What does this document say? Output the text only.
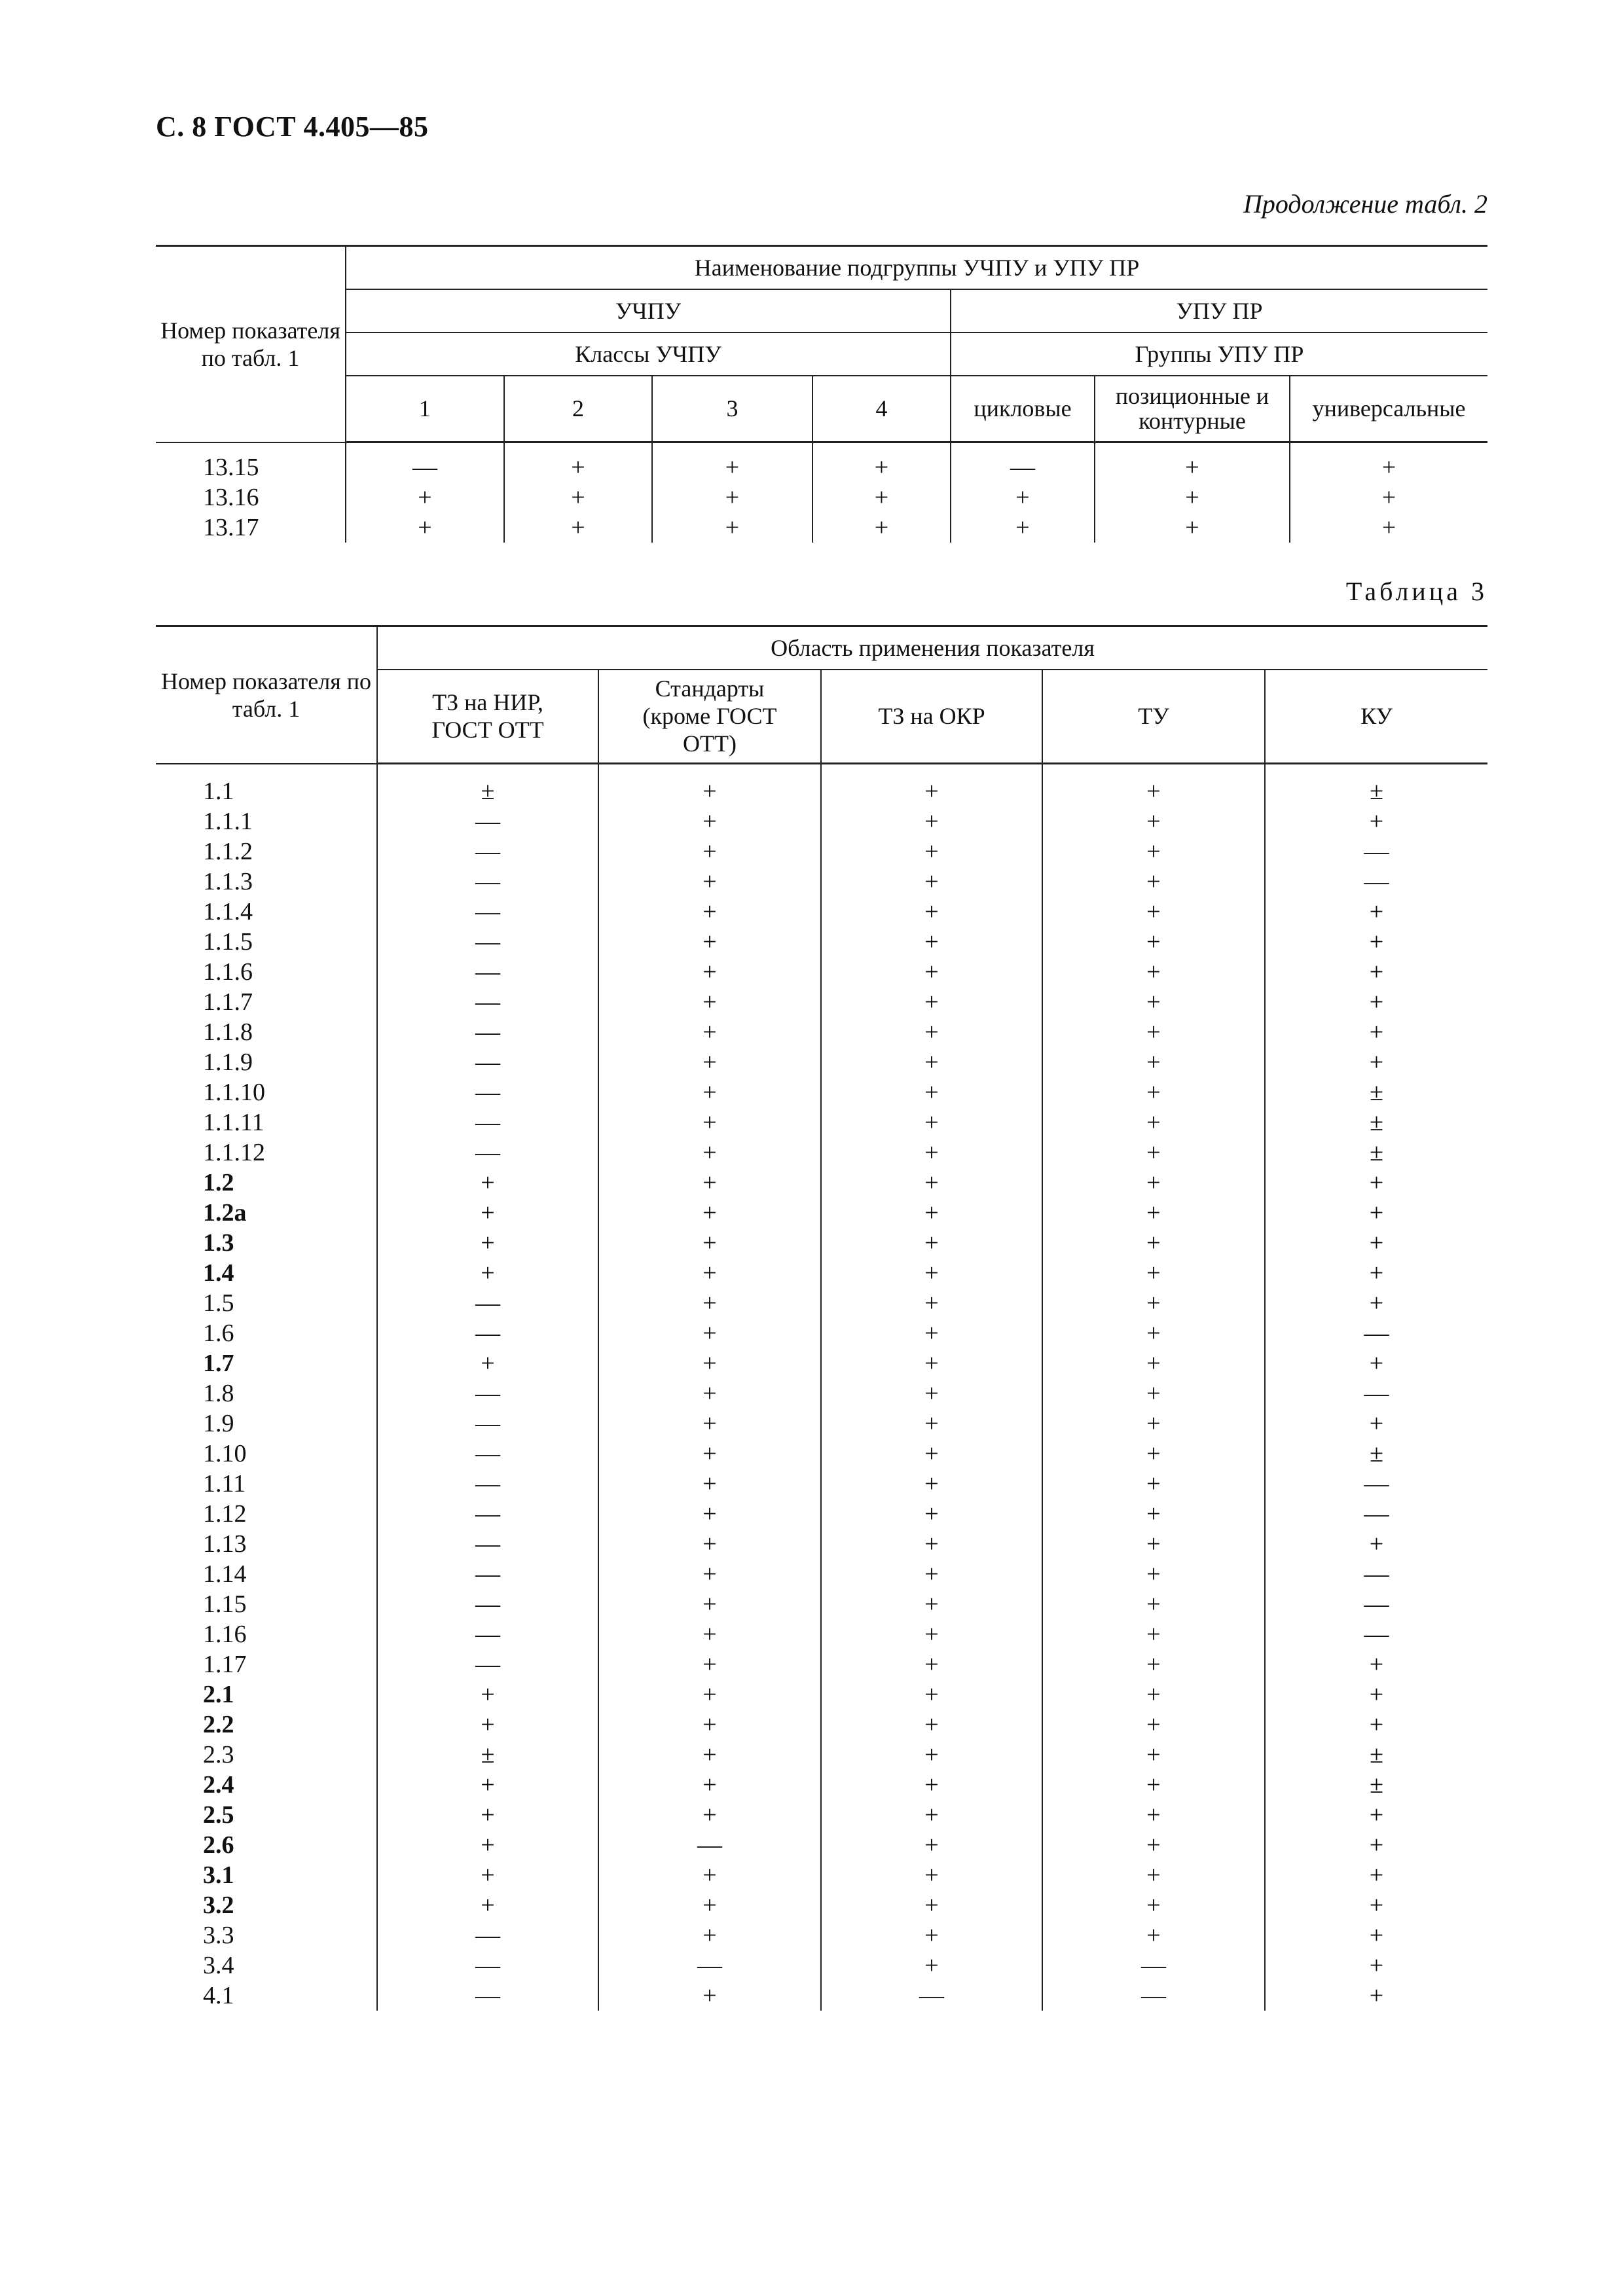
С. 8 ГОСТ 4.405—85
Продолжение табл. 2
Номер показателя по табл. 1	Наименование подгруппы УЧПУ и УПУ ПР						
	УЧПУ				УПУ ПР		
	Классы УЧПУ				Группы УПУ ПР		
	1	2	3	4	цикловые	позиционные и контурные	универсальные
13.15	—	+	+	+	—	+	+
13.16	+	+	+	+	+	+	+
13.17	+	+	+	+	+	+	+
Таблица 3
Номер показателя по табл. 1	Область применения показателя				
	ТЗ на НИР, ГОСТ ОТТ	Стандарты (кроме ГОСТ ОТТ)	ТЗ на ОКР	ТУ	КУ
1.1	±	+	+	+	±
1.1.1	—	+	+	+	+
1.1.2	—	+	+	+	—
1.1.3	—	+	+	+	—
1.1.4	—	+	+	+	+
1.1.5	—	+	+	+	+
1.1.6	—	+	+	+	+
1.1.7	—	+	+	+	+
1.1.8	—	+	+	+	+
1.1.9	—	+	+	+	+
1.1.10	—	+	+	+	±
1.1.11	—	+	+	+	±
1.1.12	—	+	+	+	±
1.2	+	+	+	+	+
1.2а	+	+	+	+	+
1.3	+	+	+	+	+
1.4	+	+	+	+	+
1.5	—	+	+	+	+
1.6	—	+	+	+	—
1.7	+	+	+	+	+
1.8	—	+	+	+	—
1.9	—	+	+	+	+
1.10	—	+	+	+	±
1.11	—	+	+	+	—
1.12	—	+	+	+	—
1.13	—	+	+	+	+
1.14	—	+	+	+	—
1.15	—	+	+	+	—
1.16	—	+	+	+	—
1.17	—	+	+	+	+
2.1	+	+	+	+	+
2.2	+	+	+	+	+
2.3	±	+	+	+	±
2.4	+	+	+	+	±
2.5	+	+	+	+	+
2.6	+	—	+	+	+
3.1	+	+	+	+	+
3.2	+	+	+	+	+
3.3	—	+	+	+	+
3.4	—	—	+	—	+
4.1	—	+	—	—	+
